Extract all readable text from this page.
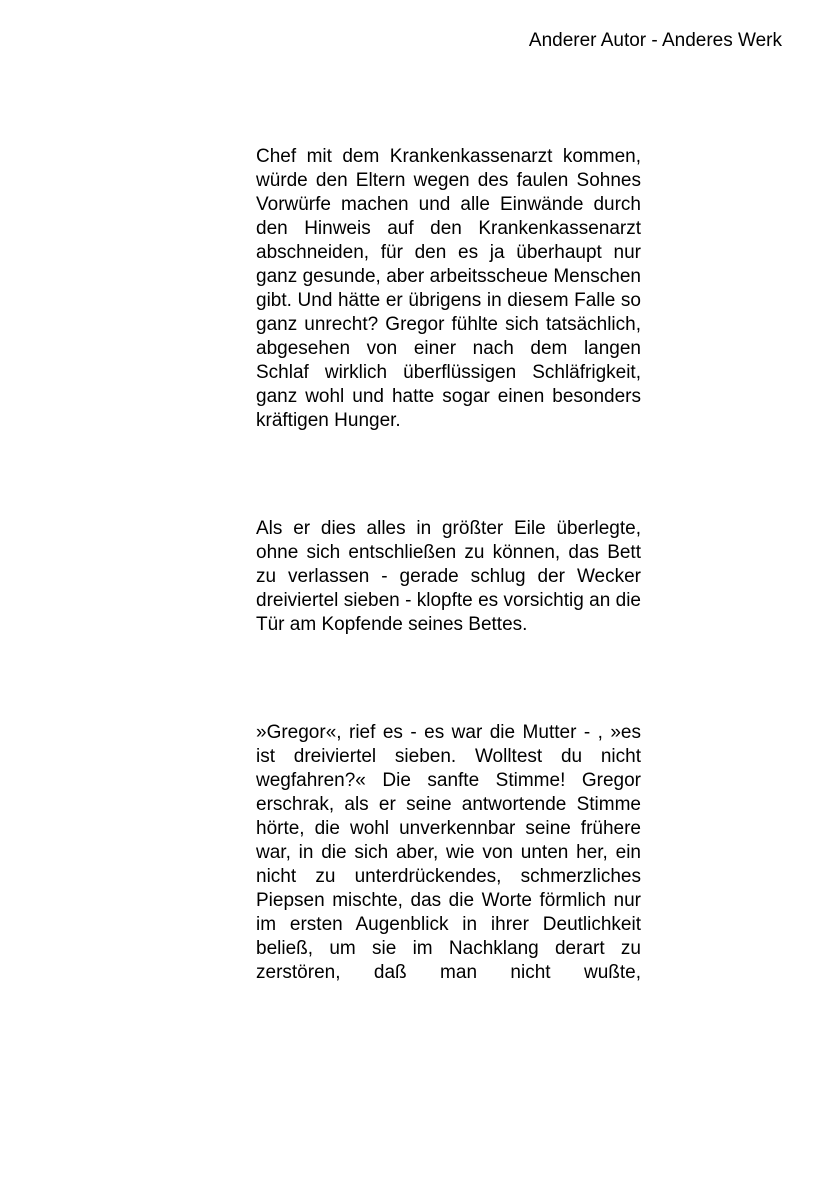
Anderer Autor - Anderes Werk

Chef mit dem Krankenkassenarzt kommen, würde den Eltern wegen des faulen Sohnes Vorwürfe machen und alle Einwände durch den Hinweis auf den Krankenkassenarzt abschneiden, für den es ja überhaupt nur ganz gesunde, aber arbeitsscheue Menschen gibt. Und hätte er übrigens in diesem Falle so ganz unrecht? Gregor fühlte sich tatsächlich, abgesehen von einer nach dem langen Schlaf wirklich überflüssigen Schläfrigkeit, ganz wohl und hatte sogar einen besonders kräftigen Hunger.

Als er dies alles in größter Eile überlegte, ohne sich entschließen zu können, das Bett zu verlassen - gerade schlug der Wecker dreiviertel sieben - klopfte es vorsichtig an die Tür am Kopfende seines Bettes.

»Gregor«, rief es - es war die Mutter - , »es ist dreiviertel sieben. Wolltest du nicht wegfahren?« Die sanfte Stimme! Gregor erschrak, als er seine antwortende Stimme hörte, die wohl unverkennbar seine frühere war, in die sich aber, wie von unten her, ein nicht zu unterdrückendes, schmerzliches Piepsen mischte, das die Worte förmlich nur im ersten Augenblick in ihrer Deutlichkeit beließ, um sie im Nachklang derart zu zerstören, daß man nicht wußte,
